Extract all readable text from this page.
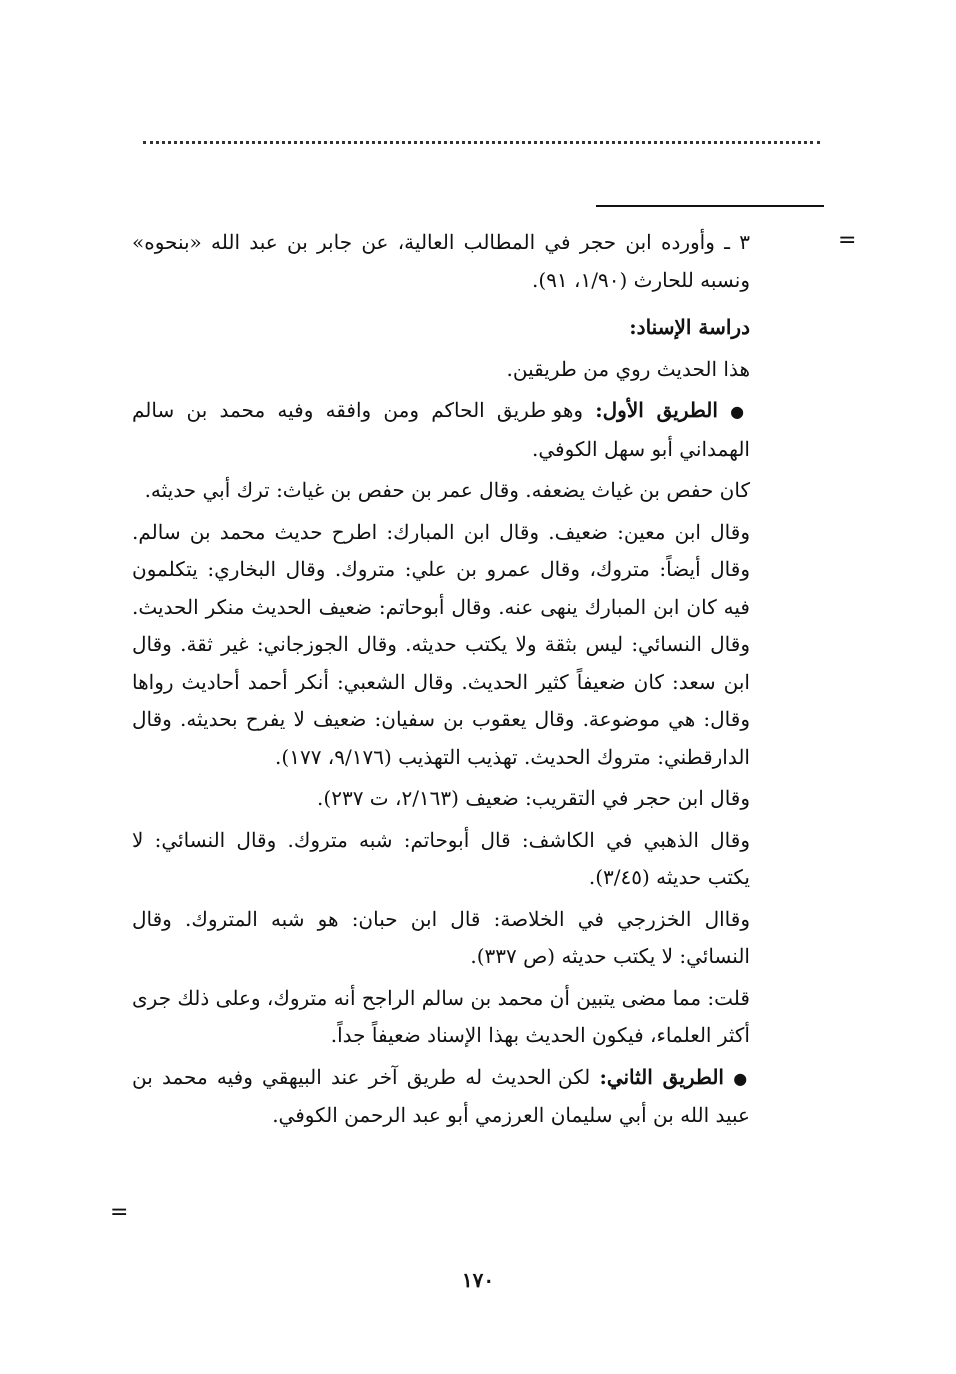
=
=

٣ ـ وأورده ابن حجر في المطالب العالية، عن جابر بن عبد الله «بنحوه» ونسبه للحارث (١/٩٠، ٩١).

دراسة الإسناد:

هذا الحديث روي من طريقين.

● الطريق الأول: وهو طريق الحاكم ومن وافقه وفيه محمد بن سالم الهمداني أبو سهل الكوفي.

كان حفص بن غياث يضعفه. وقال عمر بن حفص بن غياث: ترك أبي حديثه.

وقال ابن معين: ضعيف. وقال ابن المبارك: اطرح حديث محمد بن سالم. وقال أيضاً: متروك، وقال عمرو بن علي: متروك. وقال البخاري: يتكلمون فيه كان ابن المبارك ينهى عنه. وقال أبوحاتم: ضعيف الحديث منكر الحديث. وقال النسائي: ليس بثقة ولا يكتب حديثه. وقال الجوزجاني: غير ثقة. وقال ابن سعد: كان ضعيفاً كثير الحديث. وقال الشعبي: أنكر أحمد أحاديث رواها وقال: هي موضوعة. وقال يعقوب بن سفيان: ضعيف لا يفرح بحديثه. وقال الدارقطني: متروك الحديث. تهذيب التهذيب (٩/١٧٦، ١٧٧).

وقال ابن حجر في التقريب: ضعيف (٢/١٦٣، ت ٢٣٧).

وقال الذهبي في الكاشف: قال أبوحاتم: شبه متروك. وقال النسائي: لا يكتب حديثه (٣/٤٥).

وقاال الخزرجي في الخلاصة: قال ابن حبان: هو شبه المتروك. وقال النسائي: لا يكتب حديثه (ص ٣٣٧).

قلت: مما مضى يتبين أن محمد بن سالم الراجح أنه متروك، وعلى ذلك جرى أكثر العلماء، فيكون الحديث بهذا الإسناد ضعيفاً جداً.

● الطريق الثاني: لكن الحديث له طريق آخر عند البيهقي وفيه محمد بن عبيد الله بن أبي سليمان العرزمي أبو عبد الرحمن الكوفي.

١٧٠
